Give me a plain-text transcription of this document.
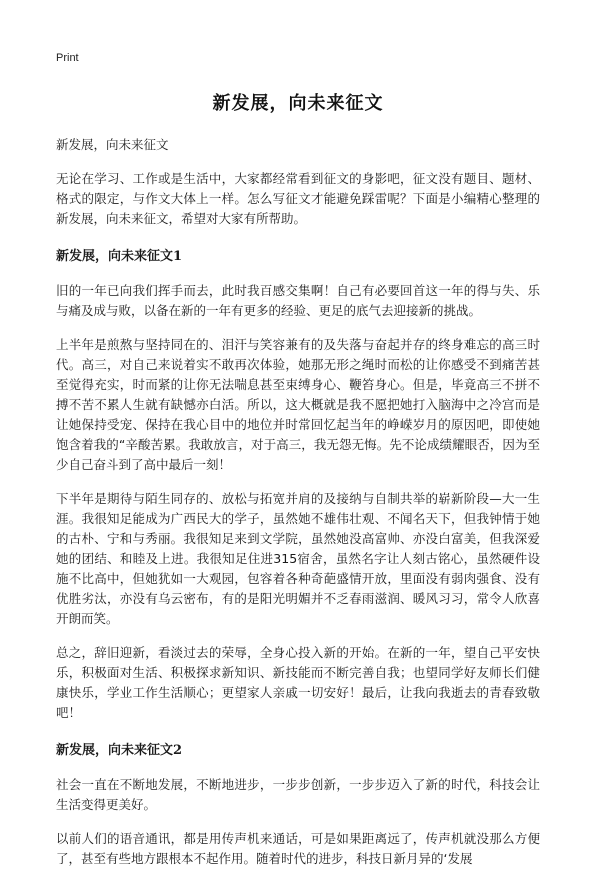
Print
新发展，向未来征文
新发展，向未来征文

无论在学习、工作或是生活中，大家都经常看到征文的身影吧，征文没有题目、题材、格式的限定，与作文大体上一样。怎么写征文才能避免踩雷呢？下面是小编精心整理的新发展，向未来征文，希望对大家有所帮助。

新发展，向未来征文1

旧的一年已向我们挥手而去，此时我百感交集啊！自己有必要回首这一年的得与失、乐与痛及成与败，以备在新的一年有更多的经验、更足的底气去迎接新的挑战。

上半年是煎熬与坚持同在的、泪汗与笑容兼有的及失落与奋起并存的终身难忘的高三时代。高三，对自己来说着实不敢再次体验，她那无形之绳时而松的让你感受不到痛苦甚至觉得充实，时而紧的让你无法喘息甚至束缚身心、鞭笞身心。但是，毕竟高三不拼不搏不苦不累人生就有缺憾亦白活。所以，这大概就是我不愿把她打入脑海中之冷宫而是让她保持受宠、保持在我心目中的地位并时常回忆起当年的峥嵘岁月的原因吧，即使她饱含着我的“辛酸苦累。我敢放言，对于高三，我无怨无悔。先不论成绩耀眼否，因为至少自己奋斗到了高中最后一刻！

下半年是期待与陌生同存的、放松与拓宽并肩的及接纳与自制共举的崭新阶段—大一生涯。我很知足能成为广西民大的学子，虽然她不雄伟壮观、不闻名天下，但我钟情于她的古朴、宁和与秀丽。我很知足来到文学院，虽然她没高富帅、亦没白富美，但我深爱她的团结、和睦及上进。我很知足住进315宿舍，虽然名字让人刻古铭心，虽然硬件设施不比高中，但她犹如一大观园，包容着各种奇葩盛情开放，里面没有弱肉强食、没有优胜劣汰，亦没有乌云密布，有的是阳光明媚并不乏春雨滋润、暖风习习，常令人欣喜开朗而笑。

总之，辞旧迎新，看淡过去的荣辱，全身心投入新的开始。在新的一年，望自己平安快乐，积极面对生活、积极探求新知识、新技能而不断完善自我；也望同学好友师长们健康快乐，学业工作生活顺心；更望家人亲戚一切安好！最后，让我向我逝去的青春致敬吧！

新发展，向未来征文2

社会一直在不断地发展，不断地进步，一步步创新，一步步迈入了新的时代，科技会让生活变得更美好。

以前人们的语音通讯，都是用传声机来通话，可是如果距离远了，传声机就没那么方便了，甚至有些地方跟根本不起作用。随着时代的进步，科技日新月异的‘发展
